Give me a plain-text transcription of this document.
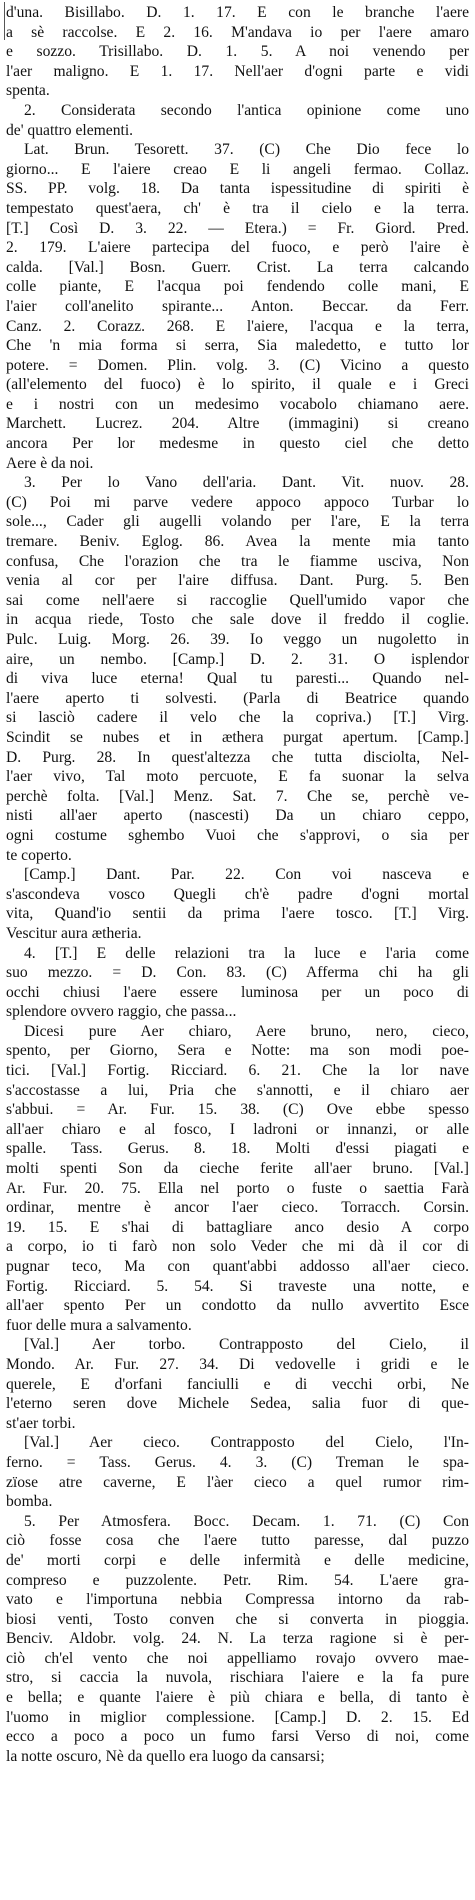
d'una. Bisillabo. D. 1. 17. E con le branche l'aere
a sè raccolse. E 2. 16. M'andava io per l'aere amaro
e sozzo. Trisillabo. D. 1. 5. A noi venendo per
l'aer maligno. E 1. 17. Nell'aer d'ogni parte e vidi
spenta.
2. Considerata secondo l'antica opinione come uno
de' quattro elementi.
Lat. Brun. Tesorett. 37. (C) Che Dio fece lo
giorno... E l'aiere creao E li angeli fermao. Collaz.
SS. PP. volg. 18. Da tanta ispessitudine di spiriti è
tempestato quest'aera, ch' è tra il cielo e la terra.
[T.] Così D. 3. 22. — Etera.) = Fr. Giord. Pred.
2. 179. L'aiere partecipa del fuoco, e però l'aire è
calda. [Val.] Bosn. Guerr. Crist. La terra calcando
colle piante, E l'acqua poi fendendo colle mani, E
l'aier coll'anelito spirante... Anton. Beccar. da Ferr.
Canz. 2. Corazz. 268. E l'aiere, l'acqua e la terra,
Che 'n mia forma si serra, Sia maledetto, e tutto lor
potere. = Domen. Plin. volg. 3. (C) Vicino a questo
(all'elemento del fuoco) è lo spirito, il quale e i Greci
e i nostri con un medesimo vocabolo chiamano aere.
Marchett. Lucrez. 204. Altre (immagini) si creano
ancora Per lor medesme in questo ciel che detto
Aere è da noi.
3. Per lo Vano dell'aria. Dant. Vit. nuov. 28.
(C) Poi mi parve vedere appoco appoco Turbar lo
sole..., Cader gli augelli volando per l'are, E la terra
tremare. Beniv. Eglog. 86. Avea la mente mia tanto
confusa, Che l'orazion che tra le fiamme usciva, Non
venia al cor per l'aire diffusa. Dant. Purg. 5. Ben
sai come nell'aere si raccoglie Quell'umido vapor che
in acqua riede, Tosto che sale dove il freddo il coglie.
Pulc. Luig. Morg. 26. 39. Io veggo un nugoletto in
aire, un nembo. [Camp.] D. 2. 31. O isplendor
di viva luce eterna! Qual tu paresti... Quando nel-
l'aere aperto ti solvesti. (Parla di Beatrice quando
si lasciò cadere il velo che la copriva.) [T.] Virg.
Scindit se nubes et in æthera purgat apertum. [Camp.]
D. Purg. 28. In quest'altezza che tutta disciolta, Nel-
l'aer vivo, Tal moto percuote, E fa suonar la selva
perchè folta. [Val.] Menz. Sat. 7. Che se, perchè ve-
nisti all'aer aperto (nascesti) Da un chiaro ceppo,
ogni costume sghembo Vuoi che s'approvi, o sia per
te coperto.
[Camp.] Dant. Par. 22. Con voi nasceva e
s'ascondeva vosco Quegli ch'è padre d'ogni mortal
vita, Quand'io sentii da prima l'aere tosco. [T.] Virg.
Vescitur aura ætheria.
4. [T.] E delle relazioni tra la luce e l'aria come
suo mezzo. = D. Con. 83. (C) Afferma chi ha gli
occhi chiusi l'aere essere luminosa per un poco di
splendore ovvero raggio, che passa...
Dicesi pure Aer chiaro, Aere bruno, nero, cieco,
spento, per Giorno, Sera e Notte: ma son modi poe-
tici. [Val.] Fortig. Ricciard. 6. 21. Che la lor nave
s'accostasse a lui, Pria che s'annotti, e il chiaro aer
s'abbui. = Ar. Fur. 15. 38. (C) Ove ebbe spesso
all'aer chiaro e al fosco, I ladroni or innanzi, or alle
spalle. Tass. Gerus. 8. 18. Molti d'essi piagati e
molti spenti Son da cieche ferite all'aer bruno. [Val.]
Ar. Fur. 20. 75. Ella nel porto o fuste o saettia Farà
ordinar, mentre è ancor l'aer cieco. Torracch. Corsin.
19. 15. E s'hai di battagliare anco desio A corpo
a corpo, io ti farò non solo Veder che mi dà il cor di
pugnar teco, Ma con quant'abbi addosso all'aer cieco.
Fortig. Ricciard. 5. 54. Si traveste una notte, e
all'aer spento Per un condotto da nullo avvertito Esce
fuor delle mura a salvamento.
[Val.] Aer torbo. Contrapposto del Cielo, il
Mondo. Ar. Fur. 27. 34. Di vedovelle i gridi e le
querele, E d'orfani fanciulli e di vecchi orbi, Ne
l'eterno seren dove Michele Sedea, salia fuor di que-
st'aer torbi.
[Val.] Aer cieco. Contrapposto del Cielo, l'In-
ferno. = Tass. Gerus. 4. 3. (C) Treman le spa-
zïose atre caverne, E l'àer cieco a quel rumor rim-
bomba.
5. Per Atmosfera. Bocc. Decam. 1. 71. (C) Con
ciò fosse cosa che l'aere tutto paresse, dal puzzo
de' morti corpi e delle infermità e delle medicine,
compreso e puzzolente. Petr. Rim. 54. L'aere gra-
vato e l'importuna nebbia Compressa intorno da rab-
biosi venti, Tosto conven che si converta in pioggia.
Benciv. Aldobr. volg. 24. N. La terza ragione si è per-
ciò ch'el vento che noi appelliamo rovajo ovvero mae-
stro, si caccia la nuvola, rischiara l'aiere e la fa pure
e bella; e quante l'aiere è più chiara e bella, di tanto è
l'uomo in miglior complessione. [Camp.] D. 2. 15. Ed
ecco a poco a poco un fumo farsi Verso di noi, come
la notte oscuro, Nè da quello era luogo da cansarsi;
